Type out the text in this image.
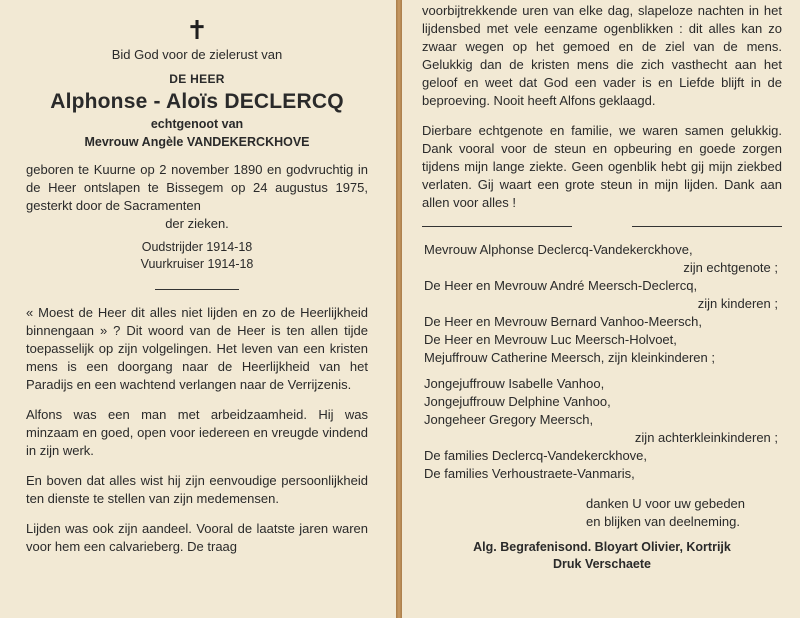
✝
Bid God voor de zielerust van
DE HEER
Alphonse - Aloïs DECLERCQ
echtgenoot van
Mevrouw Angèle VANDEKERCKHOVE
geboren te Kuurne op 2 november 1890 en godvruchtig in de Heer ontslapen te Bissegem op 24 augustus 1975, gesterkt door de Sacramenten
der zieken.
Oudstrijder 1914-18
Vuurkruiser 1914-18

« Moest de Heer dit alles niet lijden en zo de Heerlijkheid binnengaan » ? Dit woord van de Heer is ten allen tijde toepasselijk op zijn volgelingen. Het leven van een kristen mens is een doorgang naar de Heerlijkheid van het Paradijs en een wachtend verlangen naar de Verrijzenis.

Alfons was een man met arbeidzaamheid. Hij was minzaam en goed, open voor iedereen en vreugde vindend in zijn werk.

En boven dat alles wist hij zijn eenvoudige persoonlijkheid ten dienste te stellen van zijn medemensen.

Lijden was ook zijn aandeel. Vooral de laatste jaren waren voor hem een calvarieberg. De traag

voorbijtrekkende uren van elke dag, slapeloze nachten in het lijdensbed met vele eenzame ogenblikken : dit alles kan zo zwaar wegen op het gemoed en de ziel van de mens. Gelukkig dan de kristen mens die zich vasthecht aan het geloof en weet dat God een vader is en Liefde blijft in de beproeving. Nooit heeft Alfons geklaagd.

Dierbare echtgenote en familie, we waren samen gelukkig. Dank vooral voor de steun en opbeuring en goede zorgen tijdens mijn lange ziekte. Geen ogenblik hebt gij mijn ziekbed verlaten. Gij waart een grote steun in mijn lijden. Dank aan allen voor alles !

Mevrouw Alphonse Declercq-Vandekerckhove,
zijn echtgenote ;
De Heer en Mevrouw André Meersch-Declercq,
zijn kinderen ;
De Heer en Mevrouw Bernard Vanhoo-Meersch,
De Heer en Mevrouw Luc Meersch-Holvoet,
Mejuffrouw Catherine Meersch, zijn kleinkinderen ;
Jongejuffrouw Isabelle Vanhoo,
Jongejuffrouw Delphine Vanhoo,
Jongeheer Gregory Meersch,
zijn achterkleinkinderen ;
De families Declercq-Vandekerckhove,
De families Verhoustraete-Vanmaris,
danken U voor uw gebeden
en blijken van deelneming.
Alg. Begrafenisond. Bloyart Olivier, Kortrijk
Druk Verschaete
